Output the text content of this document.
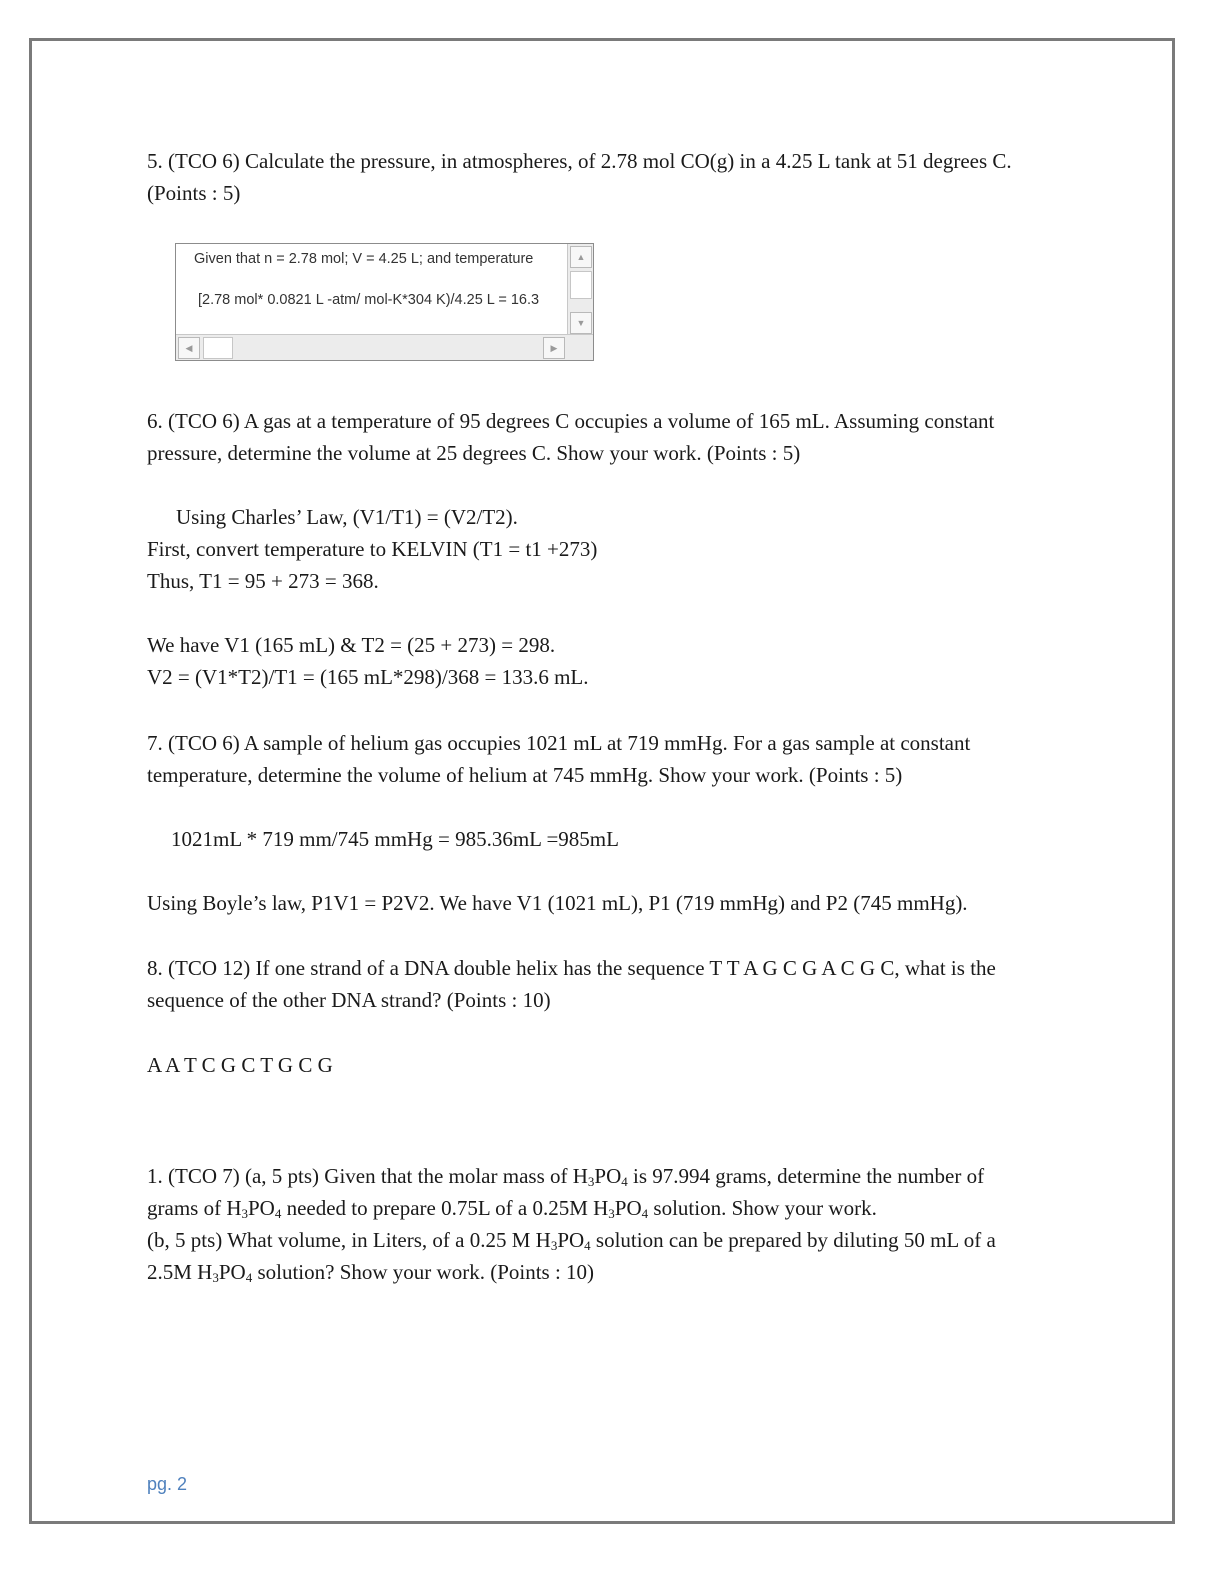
5. (TCO 6) Calculate the pressure, in atmospheres, of 2.78 mol CO(g) in a 4.25 L tank at 51 degrees C.
(Points : 5)
Given that n = 2.78 mol; V = 4.25 L; and temperature
[2.78 mol* 0.0821 L -atm/ mol-K*304 K)/4.25 L = 16.3
▲
▼
◀	▶
6. (TCO 6) A gas at a temperature of 95 degrees C occupies a volume of 165 mL. Assuming constant
pressure, determine the volume at 25 degrees C. Show your work. (Points : 5)
Using Charles’ Law, (V1/T1) = (V2/T2).
First, convert temperature to KELVIN (T1 = t1 +273)
Thus, T1 = 95 + 273 = 368.
We have V1 (165 mL) & T2 = (25 + 273) = 298.
V2 = (V1*T2)/T1 = (165 mL*298)/368 = 133.6 mL.
7. (TCO 6) A sample of helium gas occupies 1021 mL at 719 mmHg. For a gas sample at constant
temperature, determine the volume of helium at 745 mmHg. Show your work. (Points : 5)
1021mL * 719 mm/745 mmHg = 985.36mL =985mL
Using Boyle’s law, P1V1 = P2V2. We have V1 (1021 mL), P1 (719 mmHg) and P2 (745 mmHg).
8. (TCO 12) If one strand of a DNA double helix has the sequence T T A G C G A C G C, what is the
sequence of the other DNA strand? (Points : 10)
A A T C G C T G C G
1. (TCO 7) (a, 5 pts) Given that the molar mass of $H_3PO_4$ is 97.994 grams, determine the number of
grams of $H_3PO_4$ needed to prepare 0.75L of a 0.25M $H_3PO_4$ solution. Show your work.
(b, 5 pts) What volume, in Liters, of a 0.25 M $H_3PO_4$ solution can be prepared by diluting 50 mL of a
2.5M $H_3PO_4$ solution? Show your work. (Points : 10)
pg. 2
